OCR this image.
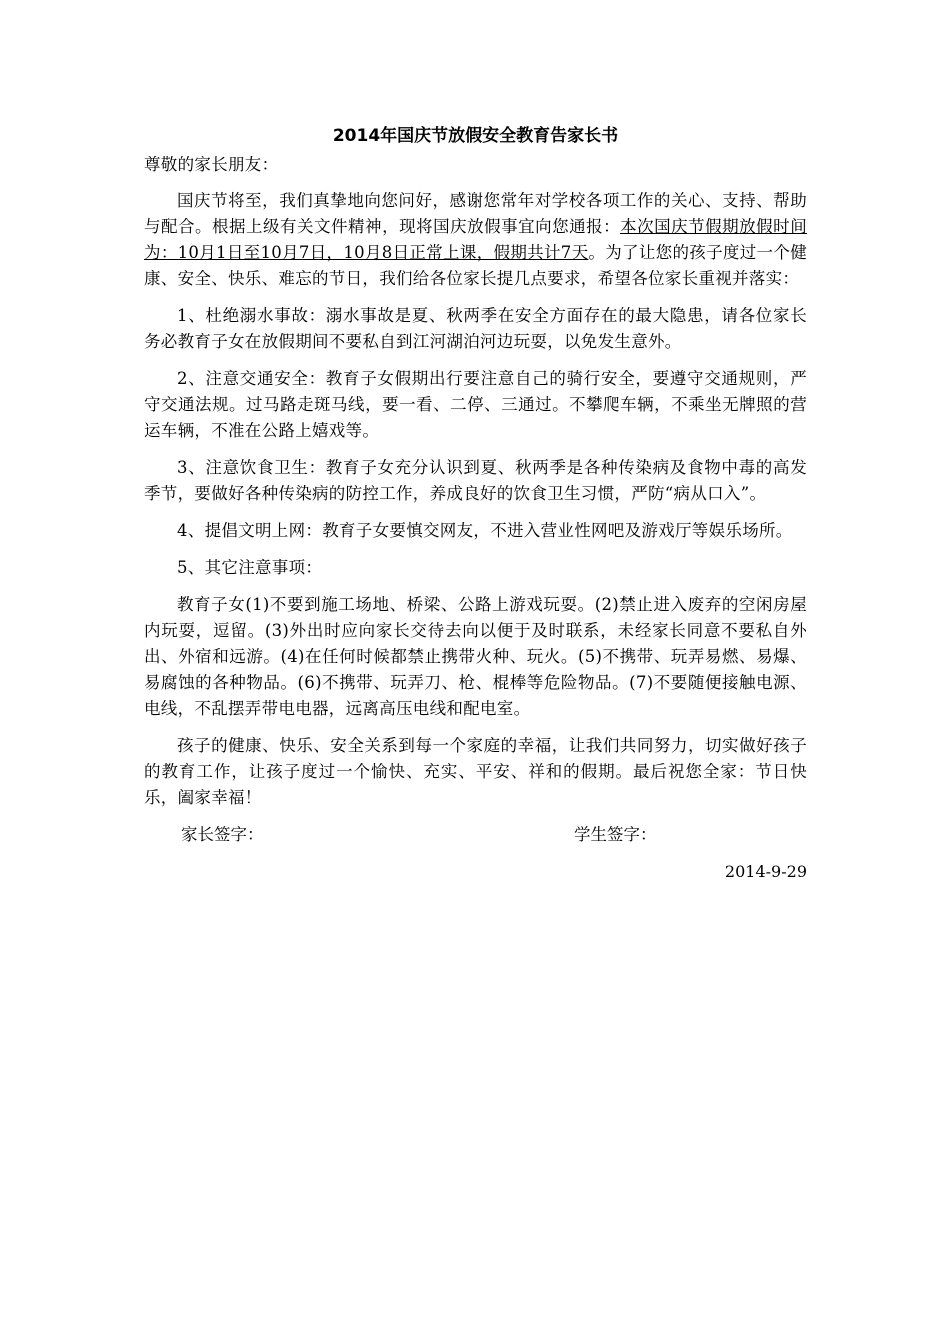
2014年国庆节放假安全教育告家长书
尊敬的家长朋友：

国庆节将至，我们真挚地向您问好，感谢您常年对学校各项工作的关心、支持、帮助与配合。根据上级有关文件精神，现将国庆放假事宜向您通报：本次国庆节假期放假时间为：10月1日至10月7日，10月8日正常上课，假期共计7天。为了让您的孩子度过一个健康、安全、快乐、难忘的节日，我们给各位家长提几点要求，希望各位家长重视并落实：

1、杜绝溺水事故：溺水事故是夏、秋两季在安全方面存在的最大隐患，请各位家长务必教育子女在放假期间不要私自到江河湖泊河边玩耍，以免发生意外。

2、注意交通安全：教育子女假期出行要注意自己的骑行安全，要遵守交通规则，严守交通法规。过马路走斑马线，要一看、二停、三通过。不攀爬车辆，不乘坐无牌照的营运车辆，不准在公路上嬉戏等。

3、注意饮食卫生：教育子女充分认识到夏、秋两季是各种传染病及食物中毒的高发季节，要做好各种传染病的防控工作，养成良好的饮食卫生习惯，严防“病从口入”。

4、提倡文明上网：教育子女要慎交网友，不进入营业性网吧及游戏厅等娱乐场所。

5、其它注意事项：

教育子女(1)不要到施工场地、桥梁、公路上游戏玩耍。(2)禁止进入废弃的空闲房屋内玩耍，逗留。(3)外出时应向家长交待去向以便于及时联系，未经家长同意不要私自外出、外宿和远游。(4)在任何时候都禁止携带火种、玩火。(5)不携带、玩弄易燃、易爆、易腐蚀的各种物品。(6)不携带、玩弄刀、枪、棍棒等危险物品。(7)不要随便接触电源、电线，不乱摆弄带电电器，远离高压电线和配电室。

孩子的健康、快乐、安全关系到每一个家庭的幸福，让我们共同努力，切实做好孩子的教育工作，让孩子度过一个愉快、充实、平安、祥和的假期。最后祝您全家：节日快乐，阖家幸福！

家长签字：	学生签字：
2014-9-29
